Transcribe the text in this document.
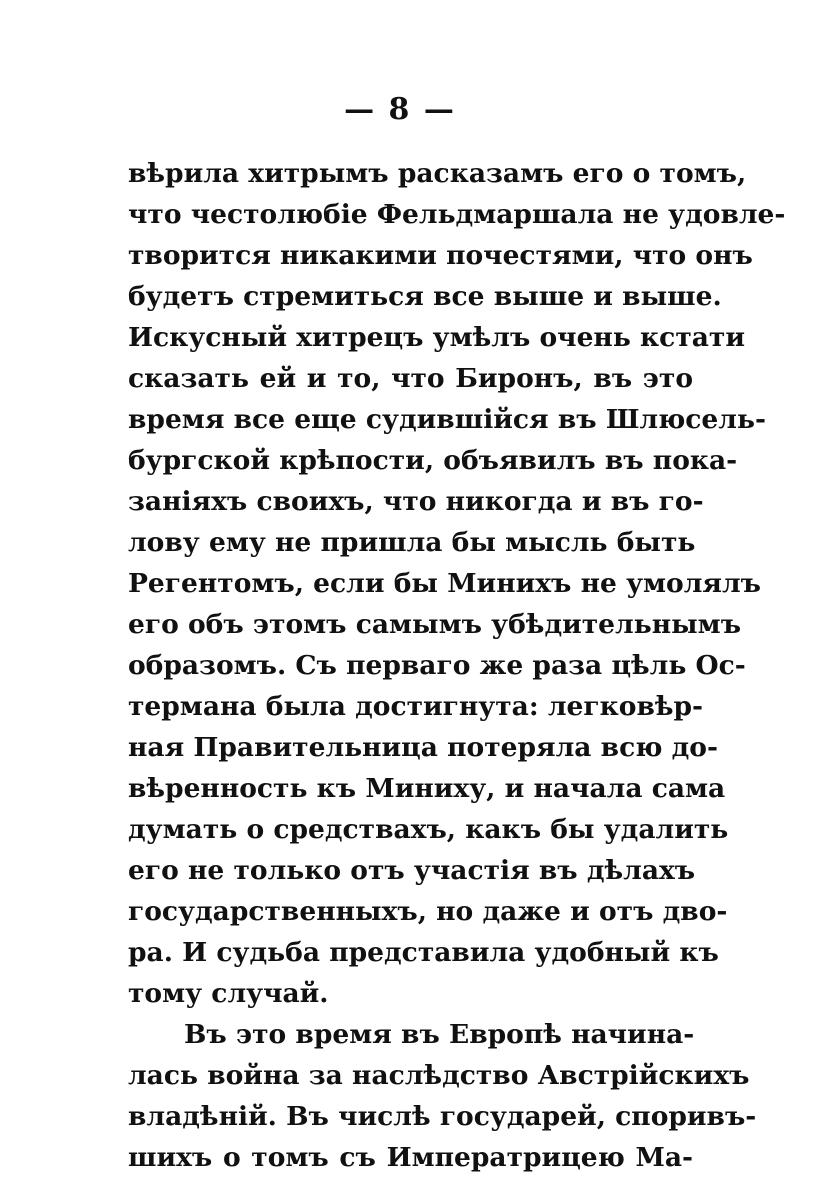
— 8 —
вѣрила хитрымъ расказамъ его о томъ,
что честолюбіе Фельдмаршала не удовле-
творится никакими почестями, что онъ
будетъ стремиться все выше и выше.
Искусный хитрецъ умѣлъ очень кстати
сказать ей и то, что Биронъ, въ это
время все еще судившійся въ Шлюсель-
бургской крѣпости, объявилъ въ пока-
заніяхъ своихъ, что никогда и въ го-
лову ему не пришла бы мысль быть
Регентомъ, если бы Минихъ не умолялъ
его объ этомъ самымъ убѣдительнымъ
образомъ. Съ перваго же раза цѣль Ос-
термана была достигнута: легковѣр-
ная Правительница потеряла всю до-
вѣренность къ Миниху, и начала сама
думать о средствахъ, какъ бы удалить
его не только отъ участія въ дѣлахъ
государственныхъ, но даже и отъ дво-
ра. И судьба представила удобный къ
тому случай.
Въ это время въ Европѣ начина-
лась война за наслѣдство Австрійскихъ
владѣній. Въ числѣ государей, споривъ-
шихъ о томъ съ Императрицею Ма-
